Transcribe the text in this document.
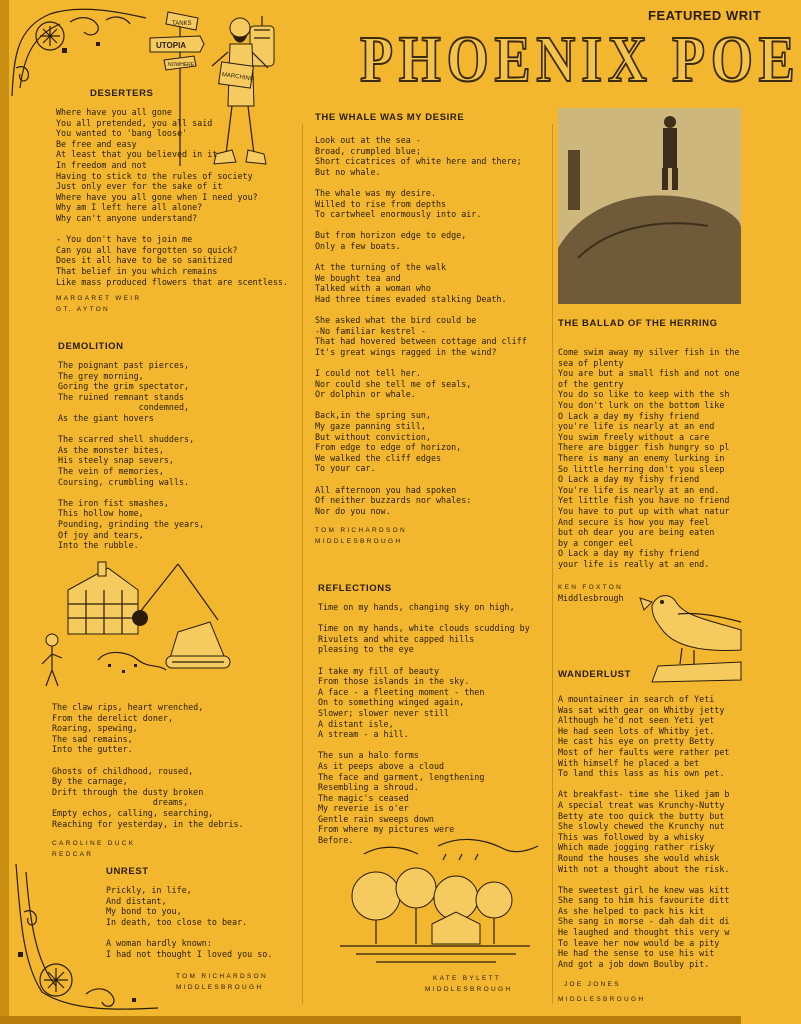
FEATURED WRIT
PHOENIX POE
TANKS
UTOPIA
NOWHERE
MARCHING
DESERTERS
Where have you all gone
You all pretended, you all said
You wanted to 'bang loose'
Be free and easy
At least that you believed in it
In freedom and not
Having to stick to the rules of society
Just only ever for the sake of it
Where have you all gone when I need you?
Why am I left here all alone?
Why can't anyone understand?

- You don't have to join me
Can you all have forgotten so quick?
Does it all have to be so sanitized
That belief in you which remains
Like mass produced flowers that are scentless.
MARGARET WEIR
GT. AYTON
DEMOLITION
The poignant past pierces,
The grey morning,
Goring the grim spectator,
The ruined remnant stands
condemned,
As the giant hovers

The scarred shell shudders,
As the monster bites,
His steely snap severs,
The vein of memories,
Coursing, crumbling walls.

The iron fist smashes,
This hollow home,
Pounding, grinding the years,
Of joy and tears,
Into the rubble.
The claw rips, heart wrenched,
From the derelict doner,
Roaring, spewing,
The sad remains,
Into the gutter.

Ghosts of childhood, roused,
By the carnage,
Drift through the dusty broken
dreams,
Empty echos, calling, searching,
Reaching for yesterday, in the debris.
CAROLINE DUCK
REDCAR
UNREST
Prickly, in life,
And distant,
My bond to you,
In death, too close to bear.

A woman hardly known:
I had not thought I loved you so.
TOM RICHARDSON
MIDDLESBROUGH
THE WHALE WAS MY DESIRE
Look out at the sea -
Broad, crumpled blue;
Short cicatrices of white here and there;
But no whale.

The whale was my desire.
Willed to rise from depths
To cartwheel enormously into air.

But from horizon edge to edge,
Only a few boats.

At the turning of the walk
We bought tea and
Talked with a woman who
Had three times evaded stalking Death.

She asked what the bird could be
-No familiar kestrel -
That had hovered between cottage and cliff
It's great wings ragged in the wind?

I could not tell her.
Nor could she tell me of seals,
Or dolphin or whale.

Back,in the spring sun,
My gaze panning still,
But without conviction,
From edge to edge of horizon,
We walked the cliff edges
To your car.

All afternoon you had spoken
Of neither buzzards nor whales:
Nor do you now.
TOM RICHARDSON
MIDDLESBROUGH
REFLECTIONS
Time on my hands, changing sky on high,

Time on my hands, white clouds scudding by
Rivulets and white capped hills
pleasing to the eye

I take my fill of beauty
From those islands in the sky.
A face - a fleeting moment - then
On to something winged again,
Slower; slower never still
A distant isle,
A stream - a hill.

The sun a halo forms
As it peeps above a cloud
The face and garment, lengthening
Resembling a shroud.
The magic's ceased
My reverie is o'er
Gentle rain sweeps down
From where my pictures were
Before.
KATE BYLETT
MIDDLESBROUGH
THE BALLAD OF THE HERRING
Come swim away my silver fish in the
sea of plenty
You are but a small fish and not one
of the gentry
You do so like to keep with the sh
You don't lurk on the bottom like
O Lack a day my fishy friend
you're life is nearly at an end
You swim freely without a care
There are bigger fish hungry so pl
There is many an enemy lurking in
So little herring don't you sleep
O Lack a day my fishy friend
You're life is nearly at an end.
Yet little fish you have no friend
You have to put up with what natur
And secure is how you may feel
but oh dear you are being eaten
by a conger eel
O Lack a day my fishy friend
your life is really at an end.
KEN FOXTON
Middlesbrough
WANDERLUST
A mountaineer in search of Yeti
Was sat with gear on Whitby jetty
Although he'd not seen Yeti yet
He had seen lots of Whitby jet.
He cast his eye on pretty Betty
Most of her faults were rather pet
With himself he placed a bet
To land this lass as his own pet.

At breakfast- time she liked jam b
A special treat was Krunchy-Nutty
Betty ate too quick the butty but
She slowly chewed the Krunchy nut
This was followed by a whisky
Which made jogging rather risky
Round the houses she would whisk
With not a thought about the risk.

The sweetest girl he knew was kitt
She sang to him his favourite ditt
As she helped to pack his kit
She sang in morse - dah dah dit di
He laughed and thought this very w
To leave her now would be a pity
He had the sense to use his wit
And got a job down Boulby pit.
JOE JONES
MIDDLESBROUGH
